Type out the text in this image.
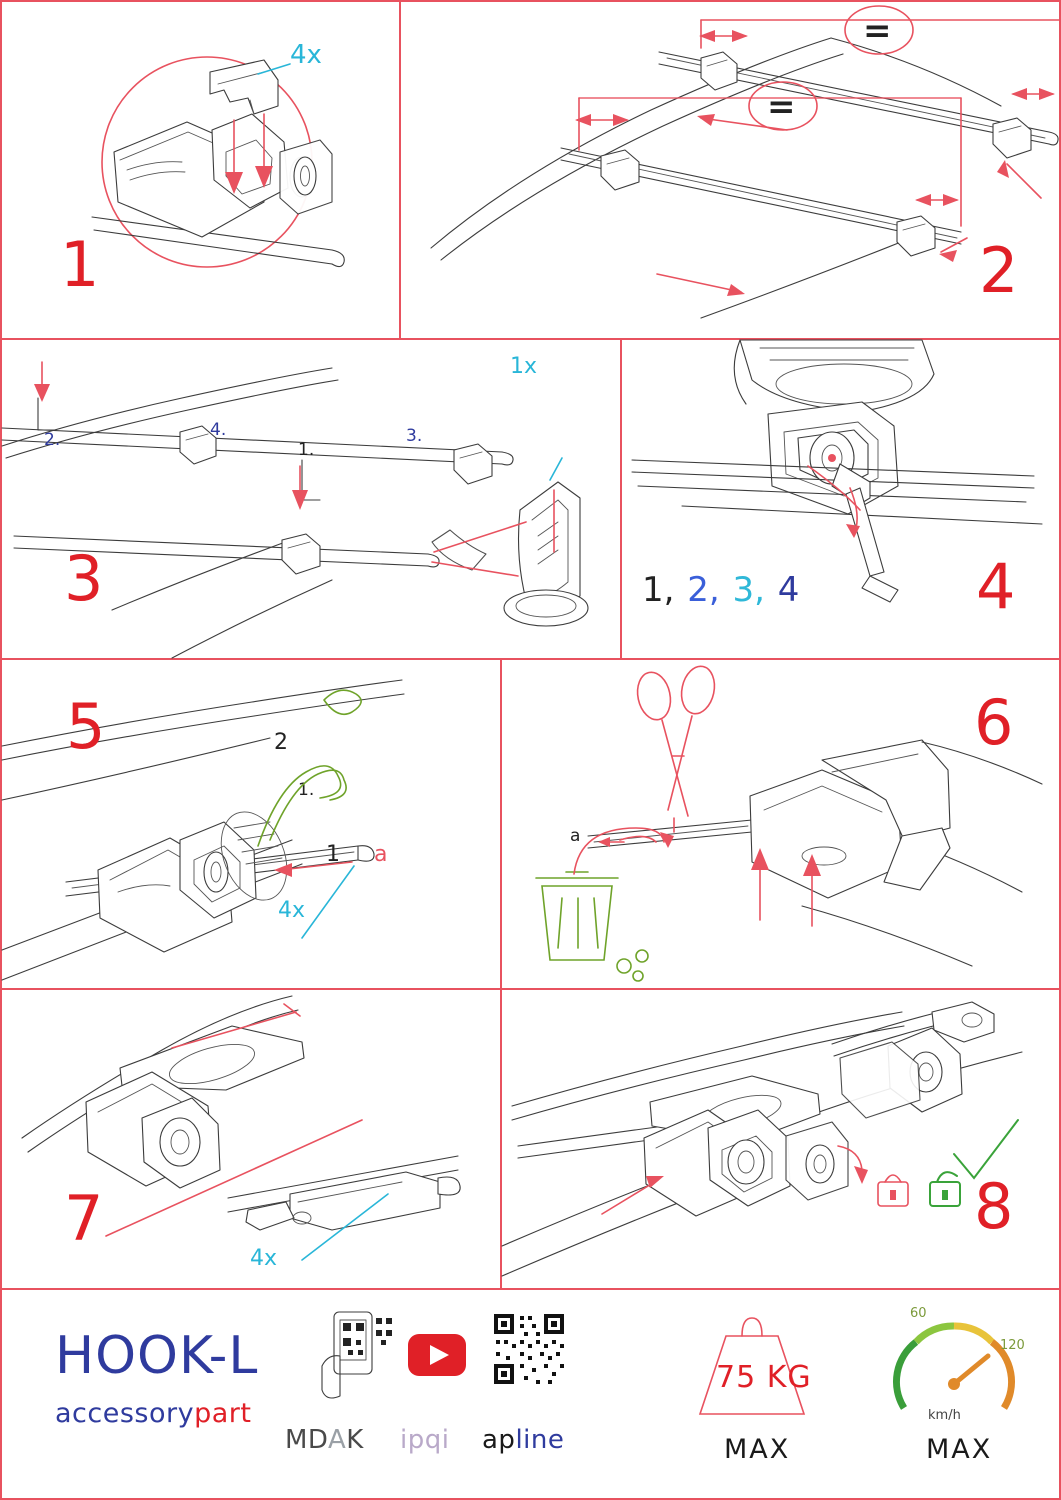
4x
1
=
=
2
1.
2.	3.
4.
1x
3	1, 2, 3, 4	4
1
2
a
4x
5
a
6
4x
7	8
HOOK-L
accessorypart
MDAK ipqi apline
75 KG
MAX
60
120
km/h
MAX
1.
